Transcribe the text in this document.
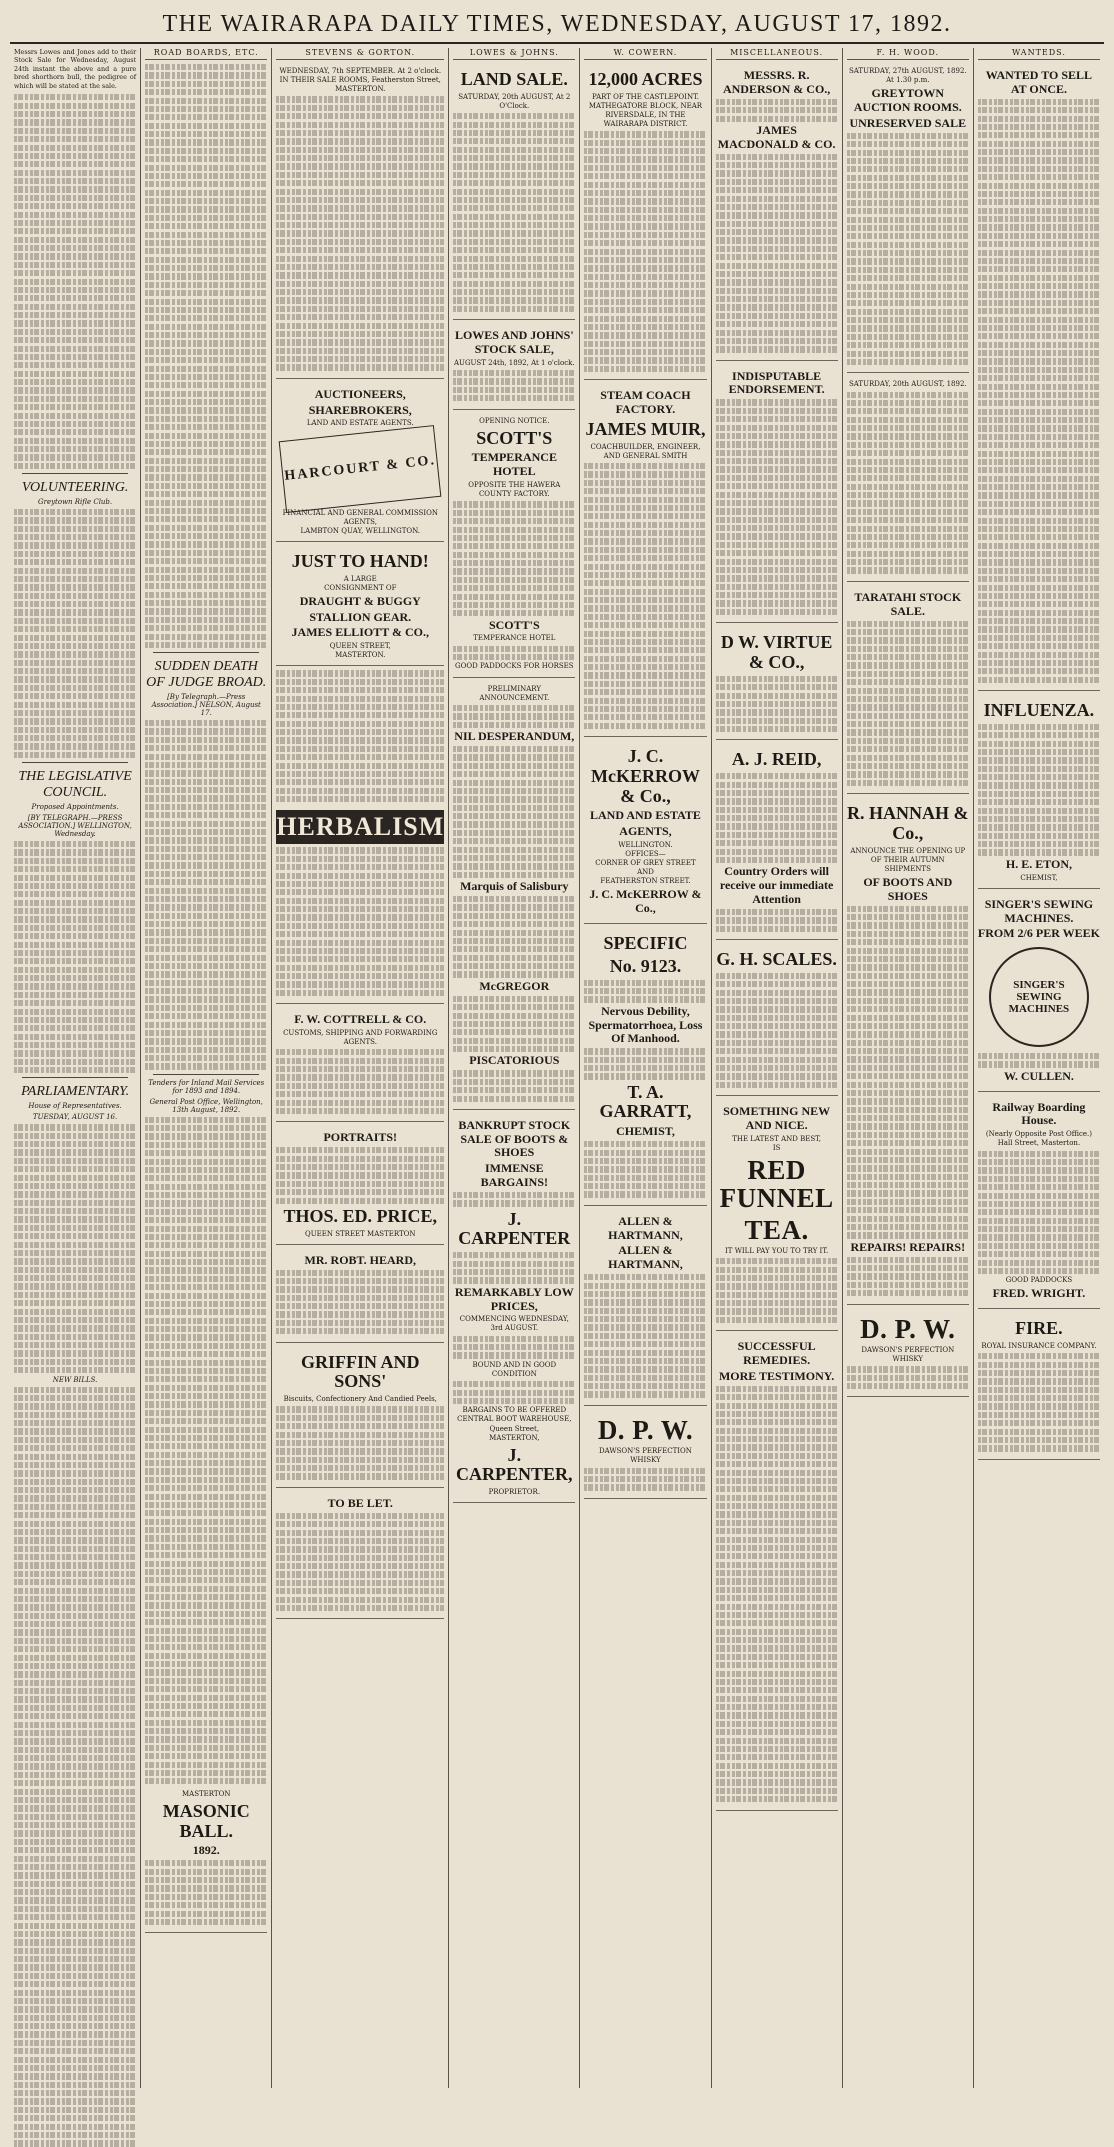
THE WAIRARAPA DAILY TIMES, WEDNESDAY, AUGUST 17, 1892.
Messrs Lowes and Jones add to their Stock Sale for Wednesday, August 24th instant the above and a pure bred shorthorn bull, the pedigree of which will be stated at the sale.
VOLUNTEERING.
Greytown Rifle Club.
THE LEGISLATIVE COUNCIL.
Proposed Appointments.
[BY TELEGRAPH.—PRESS ASSOCIATION.] WELLINGTON, Wednesday.
PARLIAMENTARY.
House of Representatives.
TUESDAY, AUGUST 16.
NEW BILLS.
ROAD BOARDS, ETC.
SUDDEN DEATH OF JUDGE BROAD.
[By Telegraph.—Press Association.] NELSON, August 17.
Tenders for Inland Mail Services for 1893 and 1894.
General Post Office, Wellington, 13th August, 1892.
MASTERTON
MASONIC BALL.
1892.
STEVENS & GORTON.
WEDNESDAY, 7th SEPTEMBER. At 2 o'clock.
IN THEIR SALE ROOMS, Featherston Street, MASTERTON.
AUCTIONEERS,
SHAREBROKERS,
LAND AND ESTATE AGENTS.
HARCOURT & CO.
FINANCIAL AND GENERAL COMMISSION AGENTS,
LAMBTON QUAY, WELLINGTON.
JUST TO HAND!
A LARGE
CONSIGNMENT OF
DRAUGHT & BUGGY
STALLION GEAR.
JAMES ELLIOTT & CO.,
QUEEN STREET,
MASTERTON.
HERBALISM
F. W. COTTRELL & CO.
CUSTOMS, SHIPPING AND FORWARDING AGENTS.
PORTRAITS!
THOS. ED. PRICE,
QUEEN STREET MASTERTON
MR. ROBT. HEARD,
GRIFFIN AND SONS'
Biscuits, Confectionery And Candied Peels,
TO BE LET.
LOWES & JOHNS.
LAND SALE.
SATURDAY, 20th AUGUST, At 2 O'Clock.
LOWES AND JOHNS' STOCK SALE,
AUGUST 24th, 1892, At 1 o'clock.
OPENING NOTICE.
SCOTT'S
TEMPERANCE HOTEL
OPPOSITE THE HAWERA COUNTY FACTORY.
SCOTT'S
TEMPERANCE HOTEL
GOOD PADDOCKS FOR HORSES
PRELIMINARY ANNOUNCEMENT.
NIL DESPERANDUM,
Marquis of Salisbury
McGREGOR
PISCATORIOUS
BANKRUPT STOCK SALE OF BOOTS & SHOES
IMMENSE BARGAINS!
J. CARPENTER
REMARKABLY LOW PRICES,
COMMENCING WEDNESDAY, 3rd AUGUST.
BOUND AND IN GOOD CONDITION
BARGAINS TO BE OFFERED
CENTRAL BOOT WAREHOUSE, Queen Street,
MASTERTON,
J. CARPENTER,
PROPRIETOR.
W. COWERN.
12,000 ACRES
PART OF THE CASTLEPOINT. MATHEGATORE BLOCK, NEAR RIVERSDALE, IN THE WAIRARAPA DISTRICT.
STEAM COACH FACTORY.
JAMES MUIR,
COACHBUILDER, ENGINEER, AND GENERAL SMITH
J. C. McKERROW & Co.,
LAND AND ESTATE
AGENTS,
WELLINGTON.
OFFICES—
CORNER OF GREY STREET
AND
FEATHERSTON STREET.
J. C. McKERROW & Co.,
SPECIFIC
No. 9123.
Nervous Debility, Spermatorrhoea, Loss Of Manhood.
T. A. GARRATT,
CHEMIST,
ALLEN & HARTMANN,
ALLEN & HARTMANN,
D. P. W.
DAWSON'S PERFECTION WHISKY
MISCELLANEOUS.
MESSRS. R. ANDERSON & CO.,
JAMES MACDONALD & CO.
INDISPUTABLE ENDORSEMENT.
D W. VIRTUE & CO.,
A. J. REID,
Country Orders will receive our immediate Attention
G. H. SCALES.
SOMETHING NEW AND NICE.
THE LATEST AND BEST,
IS
RED FUNNEL
TEA.
IT WILL PAY YOU TO TRY IT.
SUCCESSFUL REMEDIES.
MORE TESTIMONY.
F. H. WOOD.
SATURDAY, 27th AUGUST, 1892. At 1.30 p.m.
GREYTOWN AUCTION ROOMS.
UNRESERVED SALE
SATURDAY, 20th AUGUST, 1892.
TARATAHI STOCK SALE.
R. HANNAH & Co.,
ANNOUNCE THE OPENING UP OF THEIR AUTUMN SHIPMENTS
OF BOOTS AND SHOES
REPAIRS! REPAIRS!
D. P. W.
DAWSON'S PERFECTION WHISKY
WANTEDS.
WANTED TO SELL AT ONCE.
INFLUENZA.
H. E. ETON,
CHEMIST,
SINGER'S SEWING MACHINES.
FROM 2/6 PER WEEK
SINGER'S SEWING MACHINES
W. CULLEN.
Railway Boarding House.
(Nearly Opposite Post Office.)
Hall Street, Masterton.
GOOD PADDOCKS
FRED. WRIGHT.
FIRE.
ROYAL INSURANCE COMPANY.
